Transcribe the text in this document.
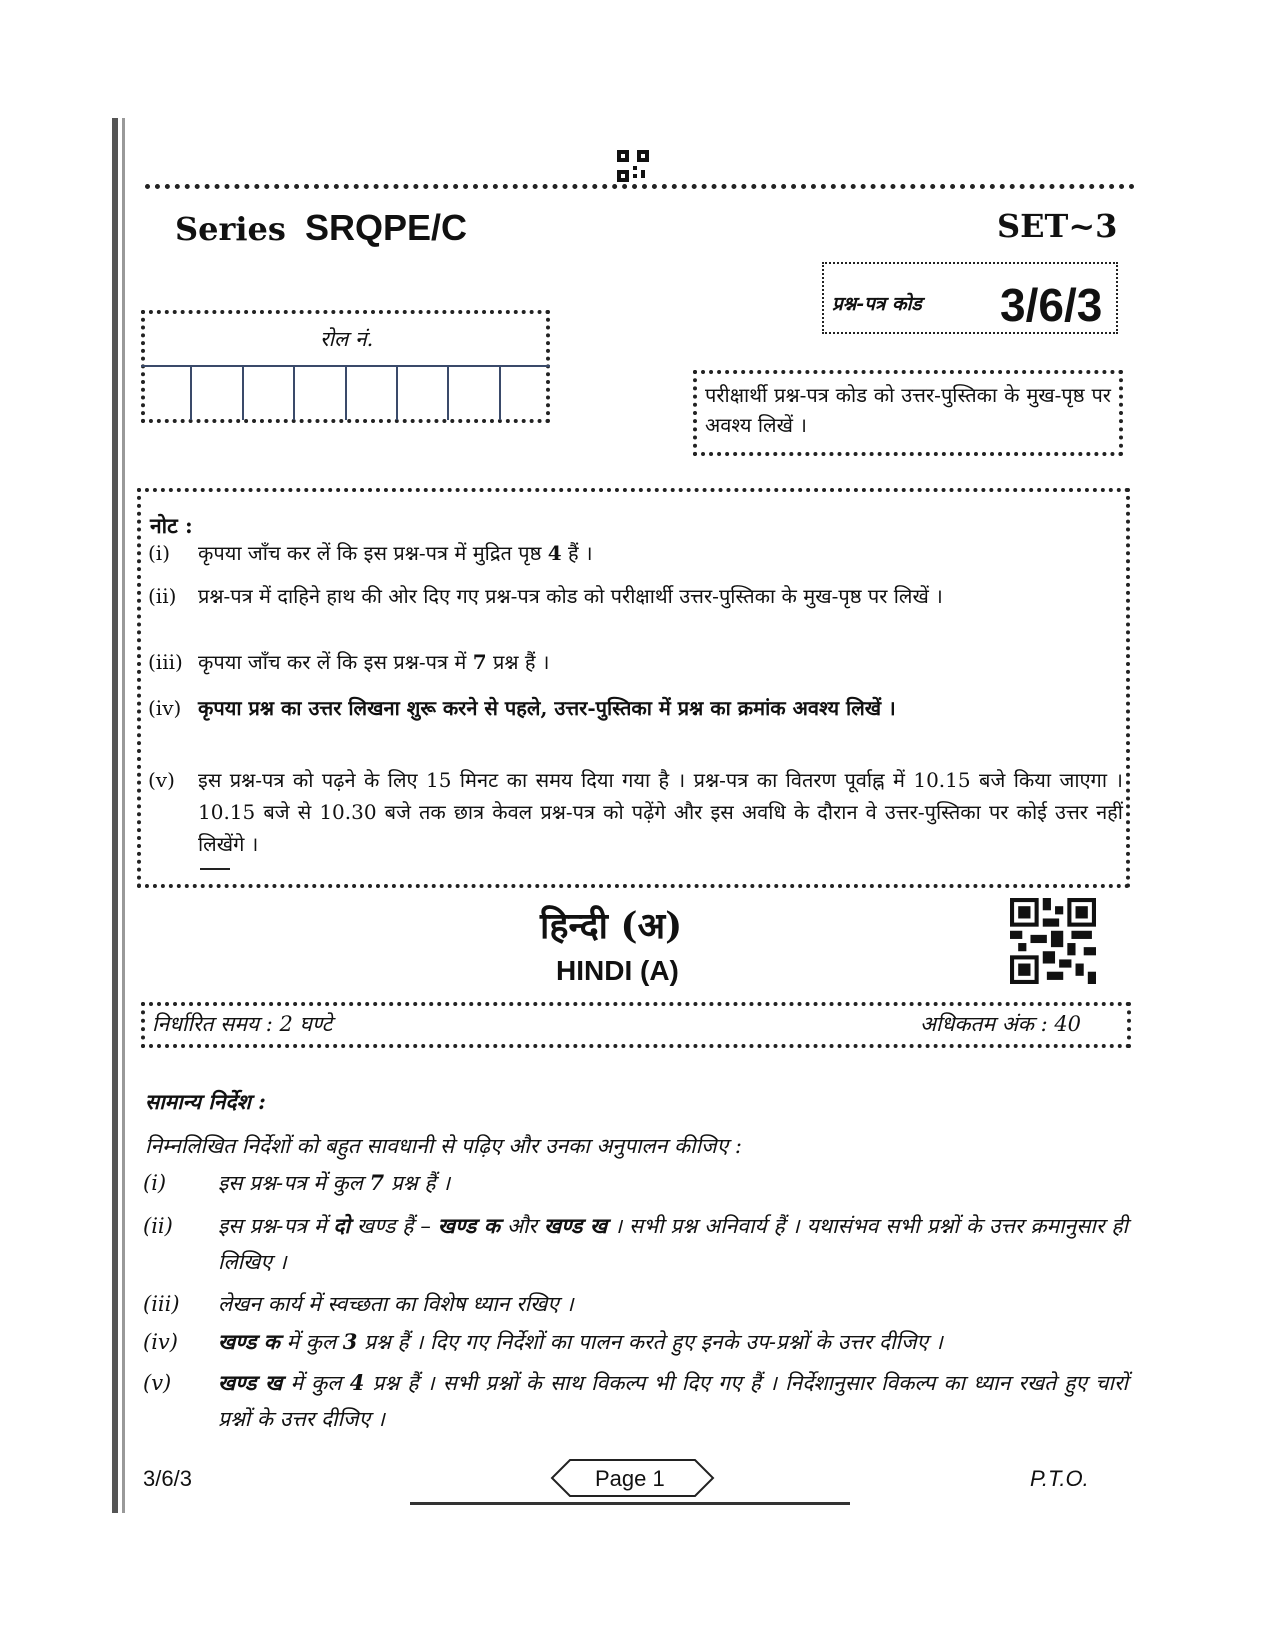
Series SRQPE/C	SET~3
प्रश्न-पत्र कोड 3/6/3
रोल नं.
परीक्षार्थी प्रश्न-पत्र कोड को उत्तर-पुस्तिका के मुख-पृष्ठ पर अवश्य लिखें ।
नोट :
(i)	कृपया जाँच कर लें कि इस प्रश्न-पत्र में मुद्रित पृष्ठ 4 हैं ।
(ii)	प्रश्न-पत्र में दाहिने हाथ की ओर दिए गए प्रश्न-पत्र कोड को परीक्षार्थी उत्तर-पुस्तिका के मुख-पृष्ठ पर लिखें ।
(iii) कृपया जाँच कर लें कि इस प्रश्न-पत्र में 7 प्रश्न हैं ।
(iv) कृपया प्रश्न का उत्तर लिखना शुरू करने से पहले, उत्तर-पुस्तिका में प्रश्न का क्रमांक अवश्य लिखें ।
(v)	इस प्रश्न-पत्र को पढ़ने के लिए 15 मिनट का समय दिया गया है । प्रश्न-पत्र का वितरण पूर्वाह्न में 10.15 बजे किया जाएगा । 10.15 बजे से 10.30 बजे तक छात्र केवल प्रश्न-पत्र को पढ़ेंगे और इस अवधि के दौरान वे उत्तर-पुस्तिका पर कोई उत्तर नहीं लिखेंगे ।
हिन्दी (अ)
HINDI (A)
निर्धारित समय : 2 घण्टे	अधिकतम अंक : 40
सामान्य निर्देश :
निम्नलिखित निर्देशों को बहुत सावधानी से पढ़िए और उनका अनुपालन कीजिए :
(i)	इस प्रश्न-पत्र में कुल 7 प्रश्न हैं ।
(ii)	इस प्रश्न-पत्र में दो खण्ड हैं – खण्ड क और खण्ड ख । सभी प्रश्न अनिवार्य हैं । यथासंभव सभी प्रश्नों के उत्तर क्रमानुसार ही लिखिए ।
(iii)	लेखन कार्य में स्वच्छता का विशेष ध्यान रखिए ।
(iv)	खण्ड क में कुल 3 प्रश्न हैं । दिए गए निर्देशों का पालन करते हुए इनके उप-प्रश्नों के उत्तर दीजिए ।
(v)	खण्ड ख में कुल 4 प्रश्न हैं । सभी प्रश्नों के साथ विकल्प भी दिए गए हैं । निर्देशानुसार विकल्प का ध्यान रखते हुए चारों प्रश्नों के उत्तर दीजिए ।
3/6/3	Page 1	P.T.O.
